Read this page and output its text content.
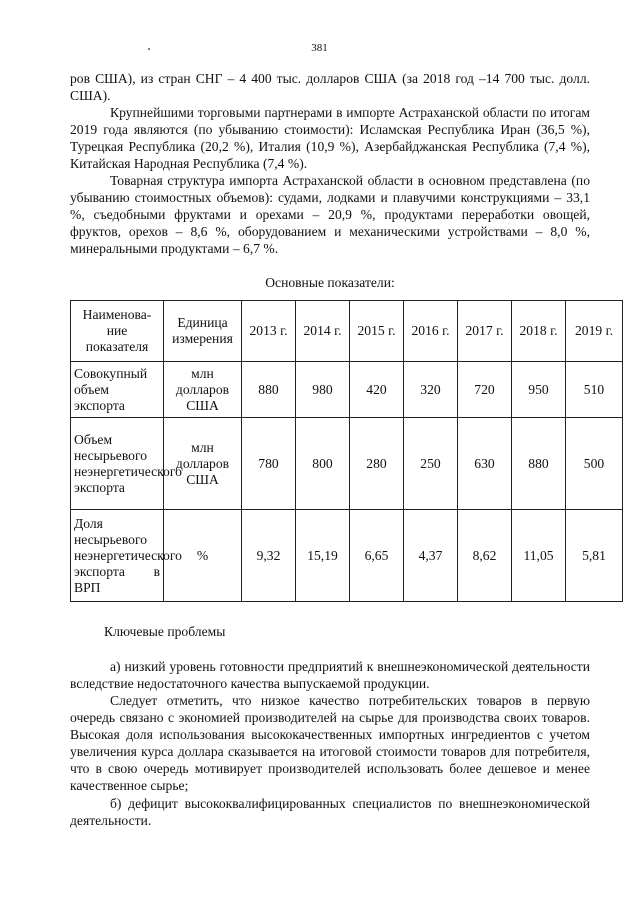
381

ров США), из стран СНГ – 4 400 тыс. долларов США (за 2018 год –14 700 тыс. долл. США).

Крупнейшими торговыми партнерами в импорте Астраханской области по итогам 2019 года являются (по убыванию стоимости): Исламская Республика Иран (36,5 %), Турецкая Республика (20,2 %), Италия (10,9 %), Азербайджанская Республика (7,4 %), Китайская Народная Республика (7,4 %).

Товарная структура импорта Астраханской области в основном представлена (по убыванию стоимостных объемов): судами, лодками и плавучими конструкциями – 33,1 %, съедобными фруктами и орехами – 20,9 %, продуктами переработки овощей, фруктов, орехов – 8,6 %, оборудованием и механическими устройствами – 8,0 %, минеральными продуктами – 6,7 %.

Основные показатели:

Наименова-ние показателя	Единица измерения	2013 г.	2014 г.	2015 г.	2016 г.	2017 г.	2018 г.	2019 г.
Совокупный объем экспорта	млн долларов США	880	980	420	320	720	950	510
Объем несырьевого неэнергетического экспорта	млн долларов США	780	800	280	250	630	880	500
Доля несырьевого неэнергетического экспорта в ВРП	%	9,32	15,19	6,65	4,37	8,62	11,05	5,81

Ключевые проблемы

а) низкий уровень готовности предприятий к внешнеэкономической деятельности вследствие недостаточного качества выпускаемой продукции.

Следует отметить, что низкое качество потребительских товаров в первую очередь связано с экономией производителей на сырье для производства своих товаров. Высокая доля использования высококачественных импортных ингредиентов с учетом увеличения курса доллара сказывается на итоговой стоимости товаров для потребителя, что в свою очередь мотивирует производителей использовать более дешевое и менее качественное сырье;

б) дефицит высококвалифицированных специалистов по внешнеэкономической деятельности.
